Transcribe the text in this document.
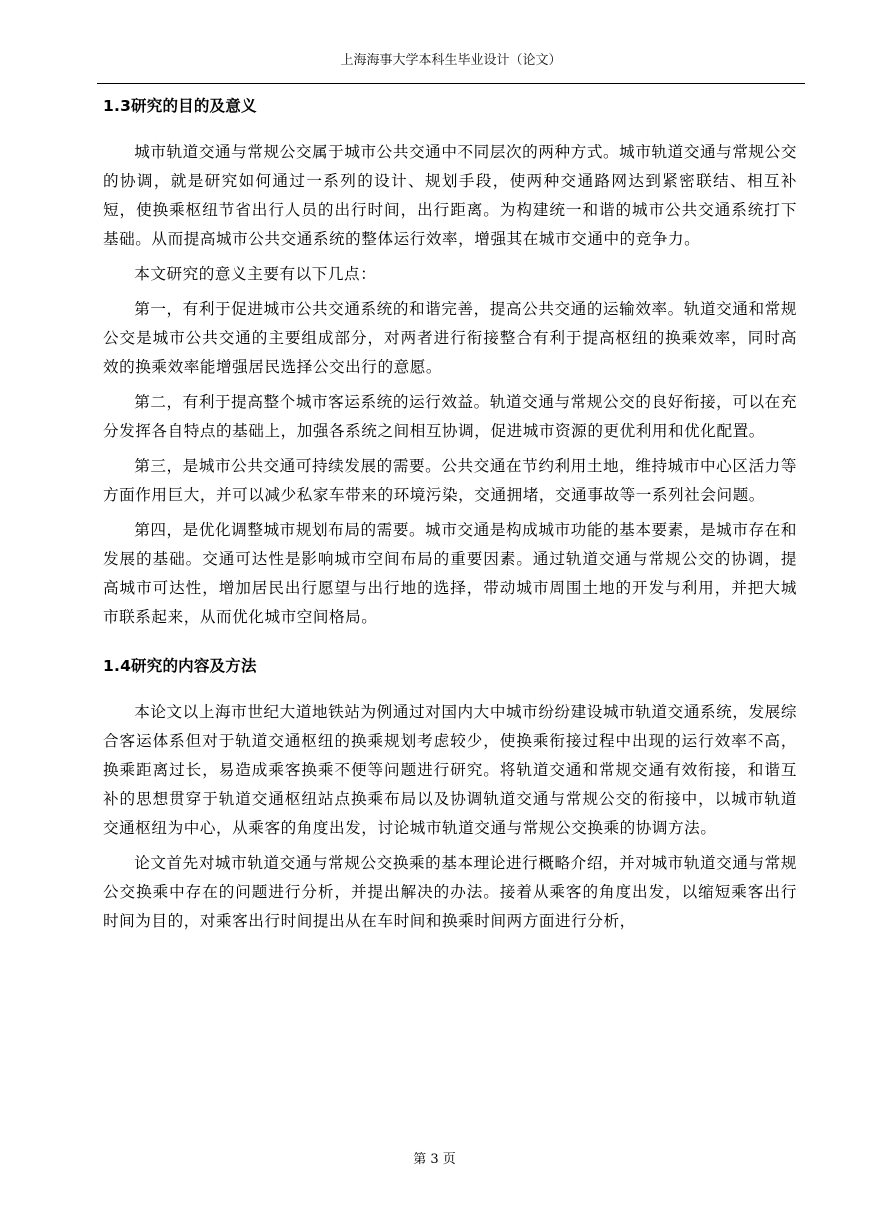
上海海事大学本科生毕业设计（论文）
1.3研究的目的及意义

城市轨道交通与常规公交属于城市公共交通中不同层次的两种方式。城市轨道交通与常规公交的协调，就是研究如何通过一系列的设计、规划手段，使两种交通路网达到紧密联结、相互补短，使换乘枢纽节省出行人员的出行时间，出行距离。为构建统一和谐的城市公共交通系统打下基础。从而提高城市公共交通系统的整体运行效率，增强其在城市交通中的竞争力。

本文研究的意义主要有以下几点：

第一，有利于促进城市公共交通系统的和谐完善，提高公共交通的运输效率。轨道交通和常规公交是城市公共交通的主要组成部分，对两者进行衔接整合有利于提高枢纽的换乘效率，同时高效的换乘效率能增强居民选择公交出行的意愿。

第二，有利于提高整个城市客运系统的运行效益。轨道交通与常规公交的良好衔接，可以在充分发挥各自特点的基础上，加强各系统之间相互协调，促进城市资源的更优利用和优化配置。

第三，是城市公共交通可持续发展的需要。公共交通在节约利用土地，维持城市中心区活力等方面作用巨大，并可以减少私家车带来的环境污染，交通拥堵，交通事故等一系列社会问题。

第四，是优化调整城市规划布局的需要。城市交通是构成城市功能的基本要素，是城市存在和发展的基础。交通可达性是影响城市空间布局的重要因素。通过轨道交通与常规公交的协调，提高城市可达性，增加居民出行愿望与出行地的选择，带动城市周围土地的开发与利用，并把大城市联系起来，从而优化城市空间格局。

1.4研究的内容及方法

本论文以上海市世纪大道地铁站为例通过对国内大中城市纷纷建设城市轨道交通系统，发展综合客运体系但对于轨道交通枢纽的换乘规划考虑较少，使换乘衔接过程中出现的运行效率不高，换乘距离过长，易造成乘客换乘不便等问题进行研究。将轨道交通和常规交通有效衔接，和谐互补的思想贯穿于轨道交通枢纽站点换乘布局以及协调轨道交通与常规公交的衔接中，以城市轨道交通枢纽为中心，从乘客的角度出发，讨论城市轨道交通与常规公交换乘的协调方法。

论文首先对城市轨道交通与常规公交换乘的基本理论进行概略介绍，并对城市轨道交通与常规公交换乘中存在的问题进行分析，并提出解决的办法。接着从乘客的角度出发，以缩短乘客出行时间为目的，对乘客出行时间提出从在车时间和换乘时间两方面进行分析，

第 3 页
